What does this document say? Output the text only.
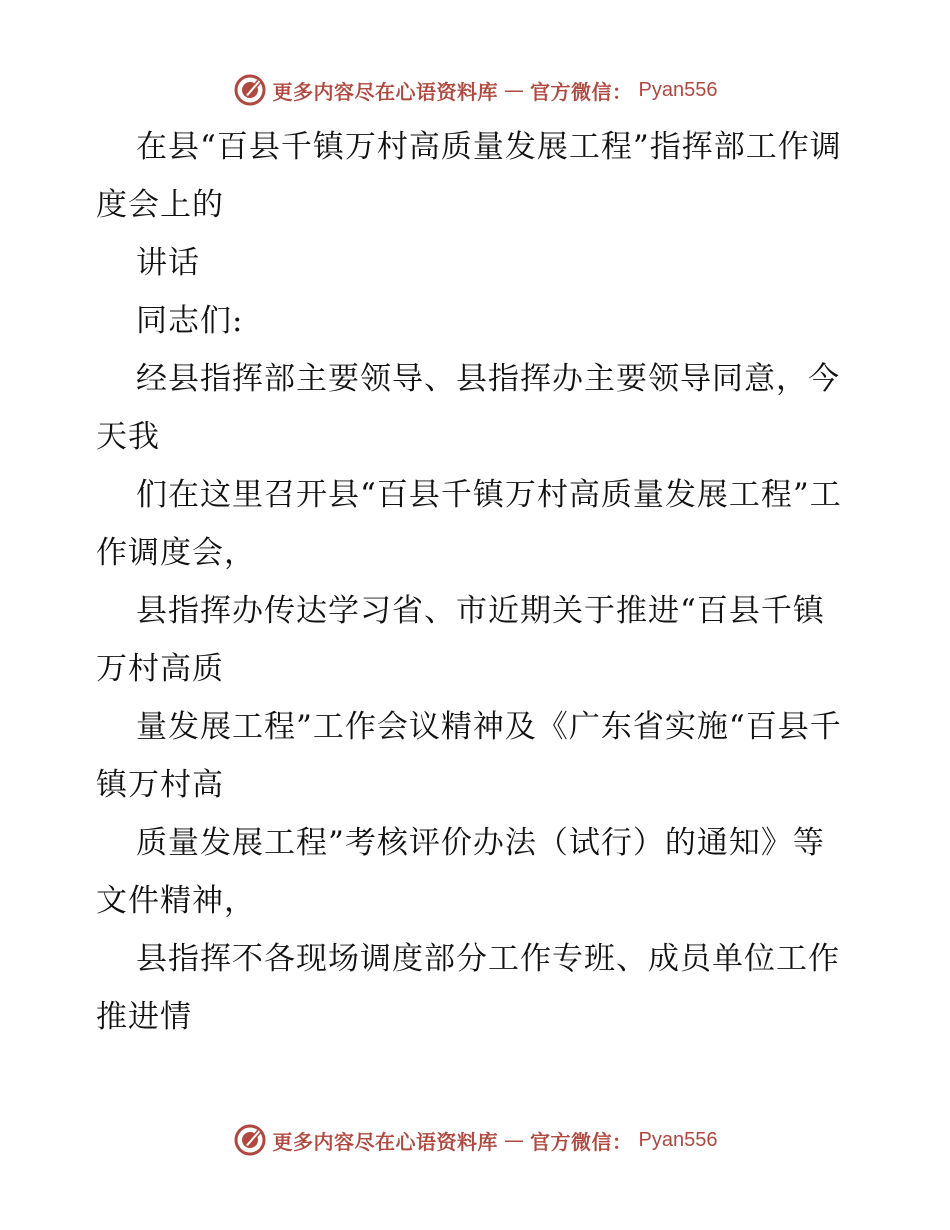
更多内容尽在心语资料库 — 官方微信： Pyan556

在县“百县千镇万村高质量发展工程”指挥部工作调度会上的

讲话

同志们:

经县指挥部主要领导、县指挥办主要领导同意，今天我

们在这里召开县“百县千镇万村高质量发展工程”工作调度会，

县指挥办传达学习省、市近期关于推进“百县千镇万村高质

量发展工程”工作会议精神及《广东省实施“百县千镇万村高

质量发展工程”考核评价办法（试行）的通知》等文件精神，

县指挥不各现场调度部分工作专班、成员单位工作推进情

更多内容尽在心语资料库 — 官方微信： Pyan556
